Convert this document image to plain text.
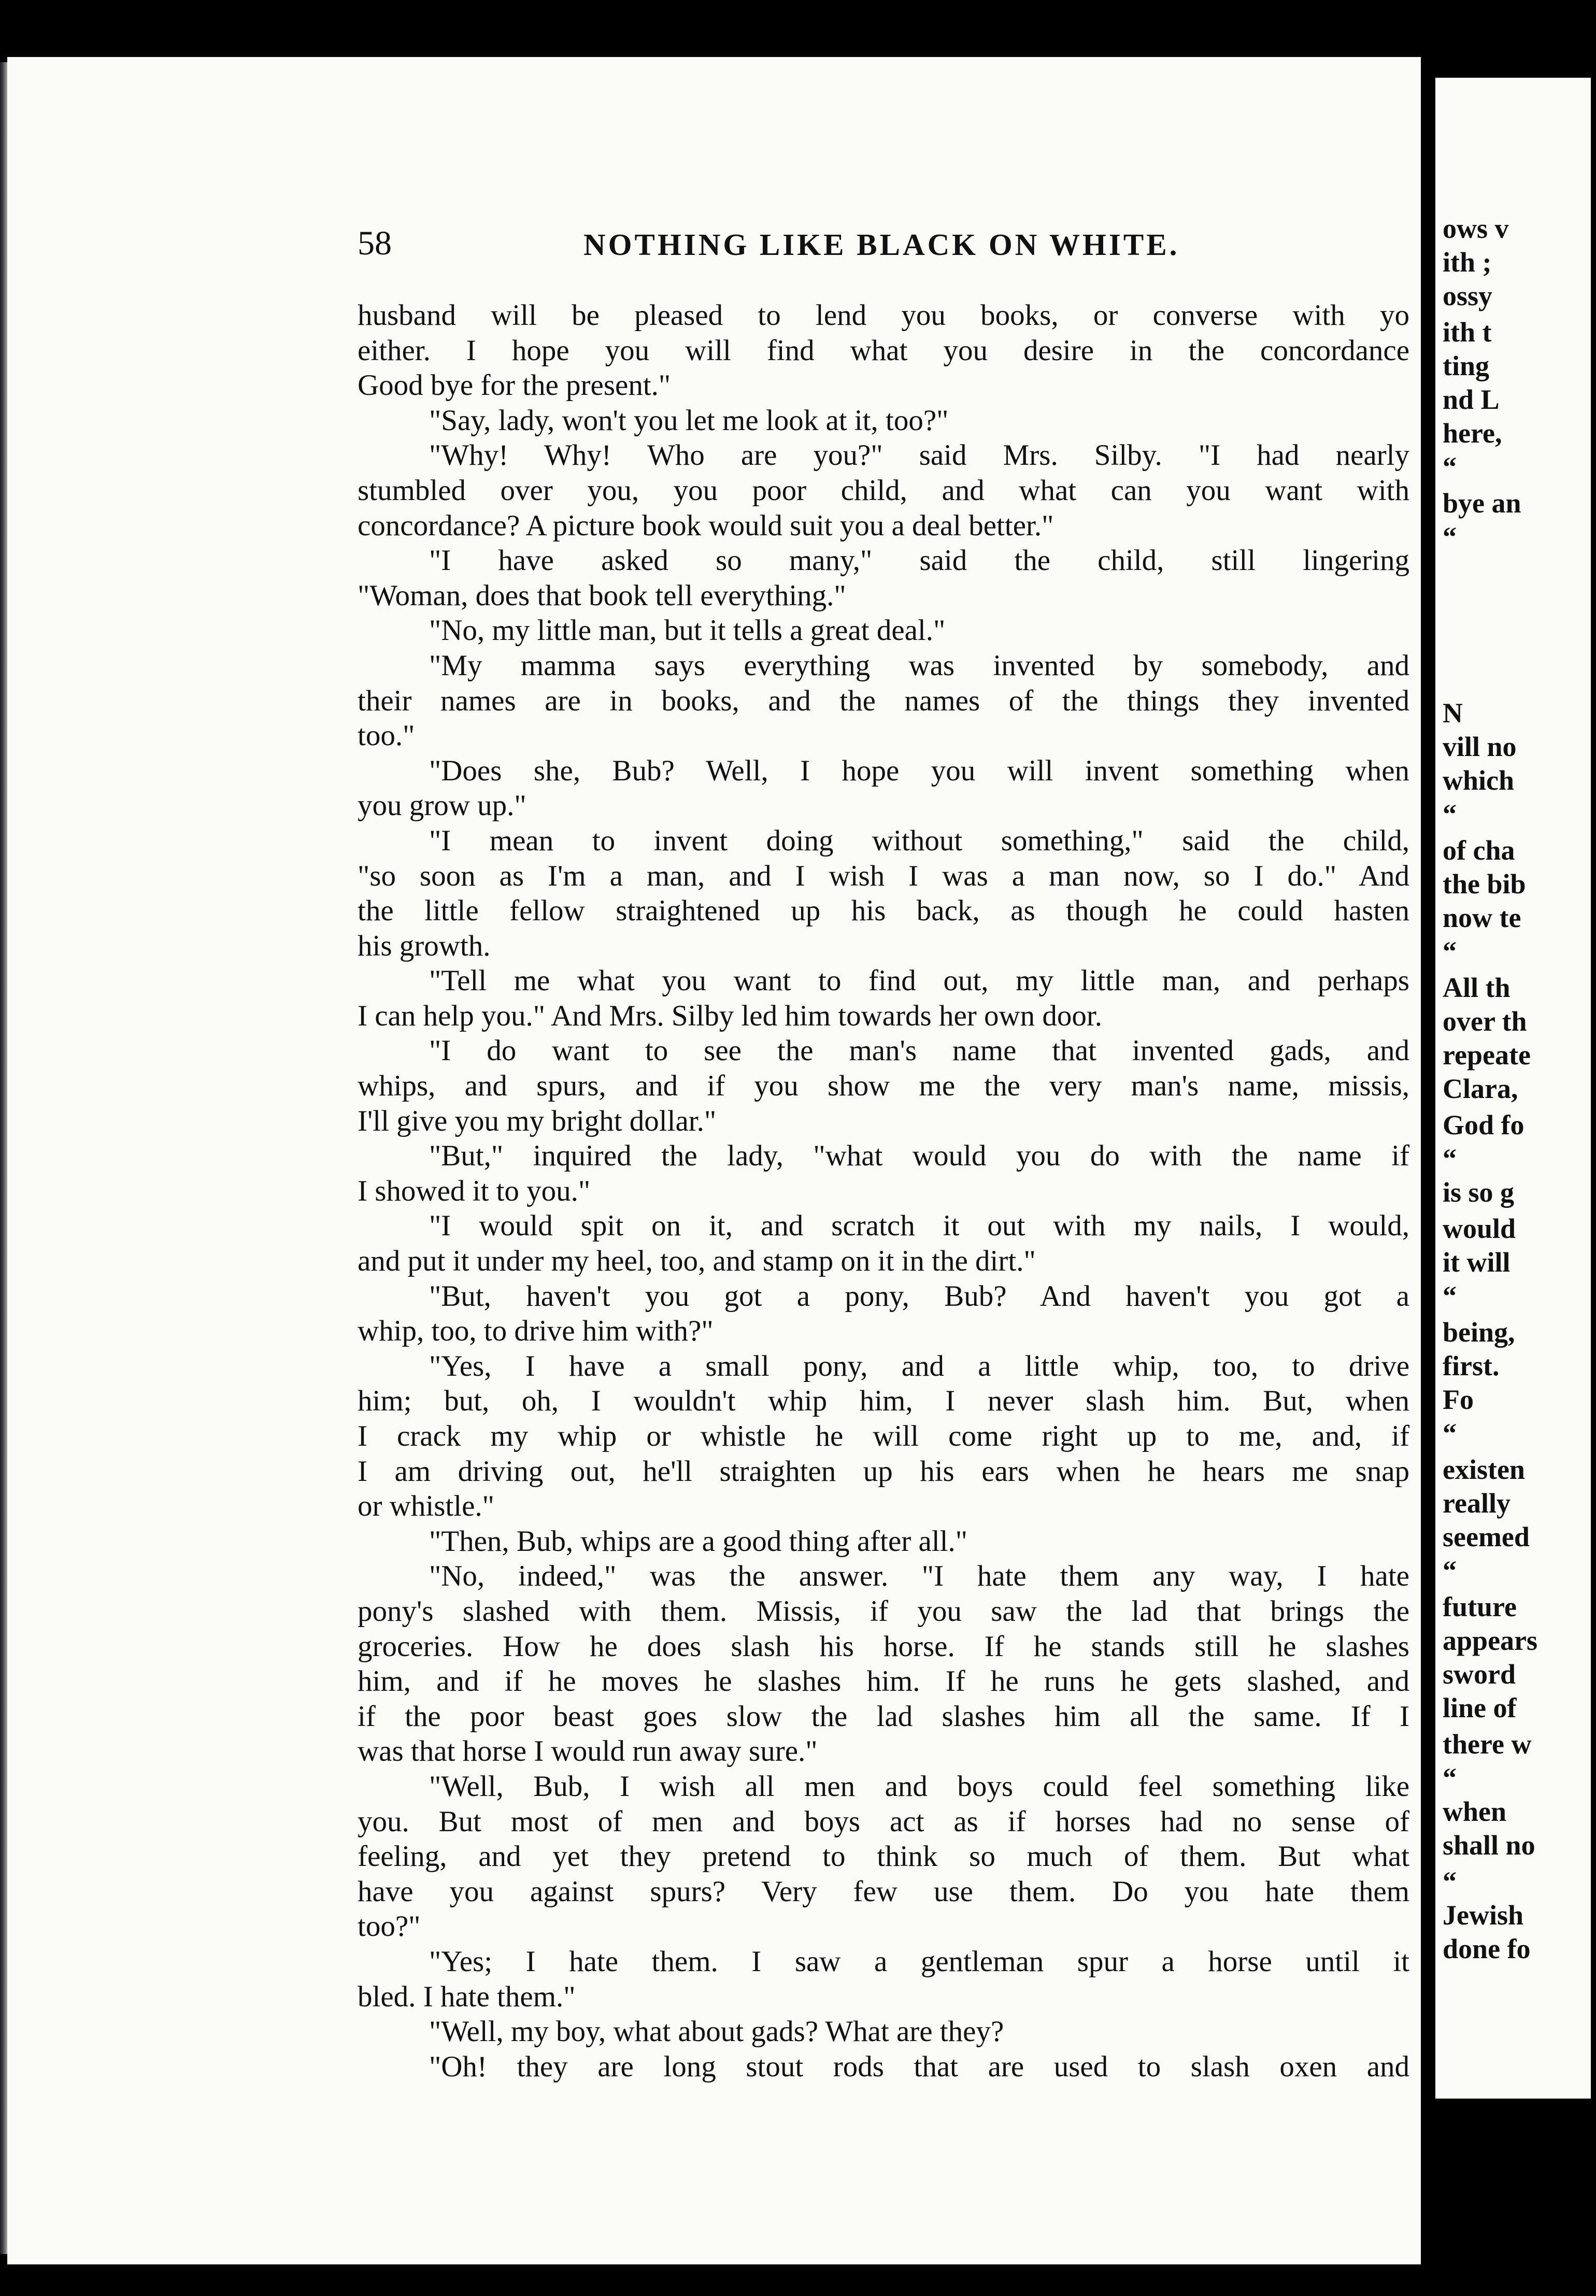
ows v
ith ;
ossy
ith t
ting
nd L
here,
“
bye an
“
N
vill no
which
“
of cha
the bib
now te
“
All th
over th
repeate
Clara,
God fo
“
is so g
would
it will
“
being,
first.
Fo
“
existen
really
seemed
“
future
appears
sword
line of
there w
“
when
shall no
“
Jewish
done fo
58	NOTHING LIKE BLACK ON WHITE.
husband will be pleased to lend you books, or converse with yo
either. I hope you will find what you desire in the concordance
Good bye for the present."
"Say, lady, won't you let me look at it, too?"
"Why! Why! Who are you?" said Mrs. Silby. "I had nearly
stumbled over you, you poor child, and what can you want with
concordance? A picture book would suit you a deal better."
"I have asked so many," said the child, still lingering
"Woman, does that book tell everything."
"No, my little man, but it tells a great deal."
"My mamma says everything was invented by somebody, and
their names are in books, and the names of the things they invented
too."
"Does she, Bub? Well, I hope you will invent something when
you grow up."
"I mean to invent doing without something," said the child,
"so soon as I'm a man, and I wish I was a man now, so I do." And
the little fellow straightened up his back, as though he could hasten
his growth.
"Tell me what you want to find out, my little man, and perhaps
I can help you." And Mrs. Silby led him towards her own door.
"I do want to see the man's name that invented gads, and
whips, and spurs, and if you show me the very man's name, missis,
I'll give you my bright dollar."
"But," inquired the lady, "what would you do with the name if
I showed it to you."
"I would spit on it, and scratch it out with my nails, I would,
and put it under my heel, too, and stamp on it in the dirt."
"But, haven't you got a pony, Bub? And haven't you got a
whip, too, to drive him with?"
"Yes, I have a small pony, and a little whip, too, to drive
him; but, oh, I wouldn't whip him, I never slash him. But, when
I crack my whip or whistle he will come right up to me, and, if
I am driving out, he'll straighten up his ears when he hears me snap
or whistle."
"Then, Bub, whips are a good thing after all."
"No, indeed," was the answer. "I hate them any way, I hate
pony's slashed with them. Missis, if you saw the lad that brings the
groceries. How he does slash his horse. If he stands still he slashes
him, and if he moves he slashes him. If he runs he gets slashed, and
if the poor beast goes slow the lad slashes him all the same. If I
was that horse I would run away sure."
"Well, Bub, I wish all men and boys could feel something like
you. But most of men and boys act as if horses had no sense of
feeling, and yet they pretend to think so much of them. But what
have you against spurs? Very few use them. Do you hate them
too?"
"Yes; I hate them. I saw a gentleman spur a horse until it
bled. I hate them."
"Well, my boy, what about gads? What are they?
"Oh! they are long stout rods that are used to slash oxen and
